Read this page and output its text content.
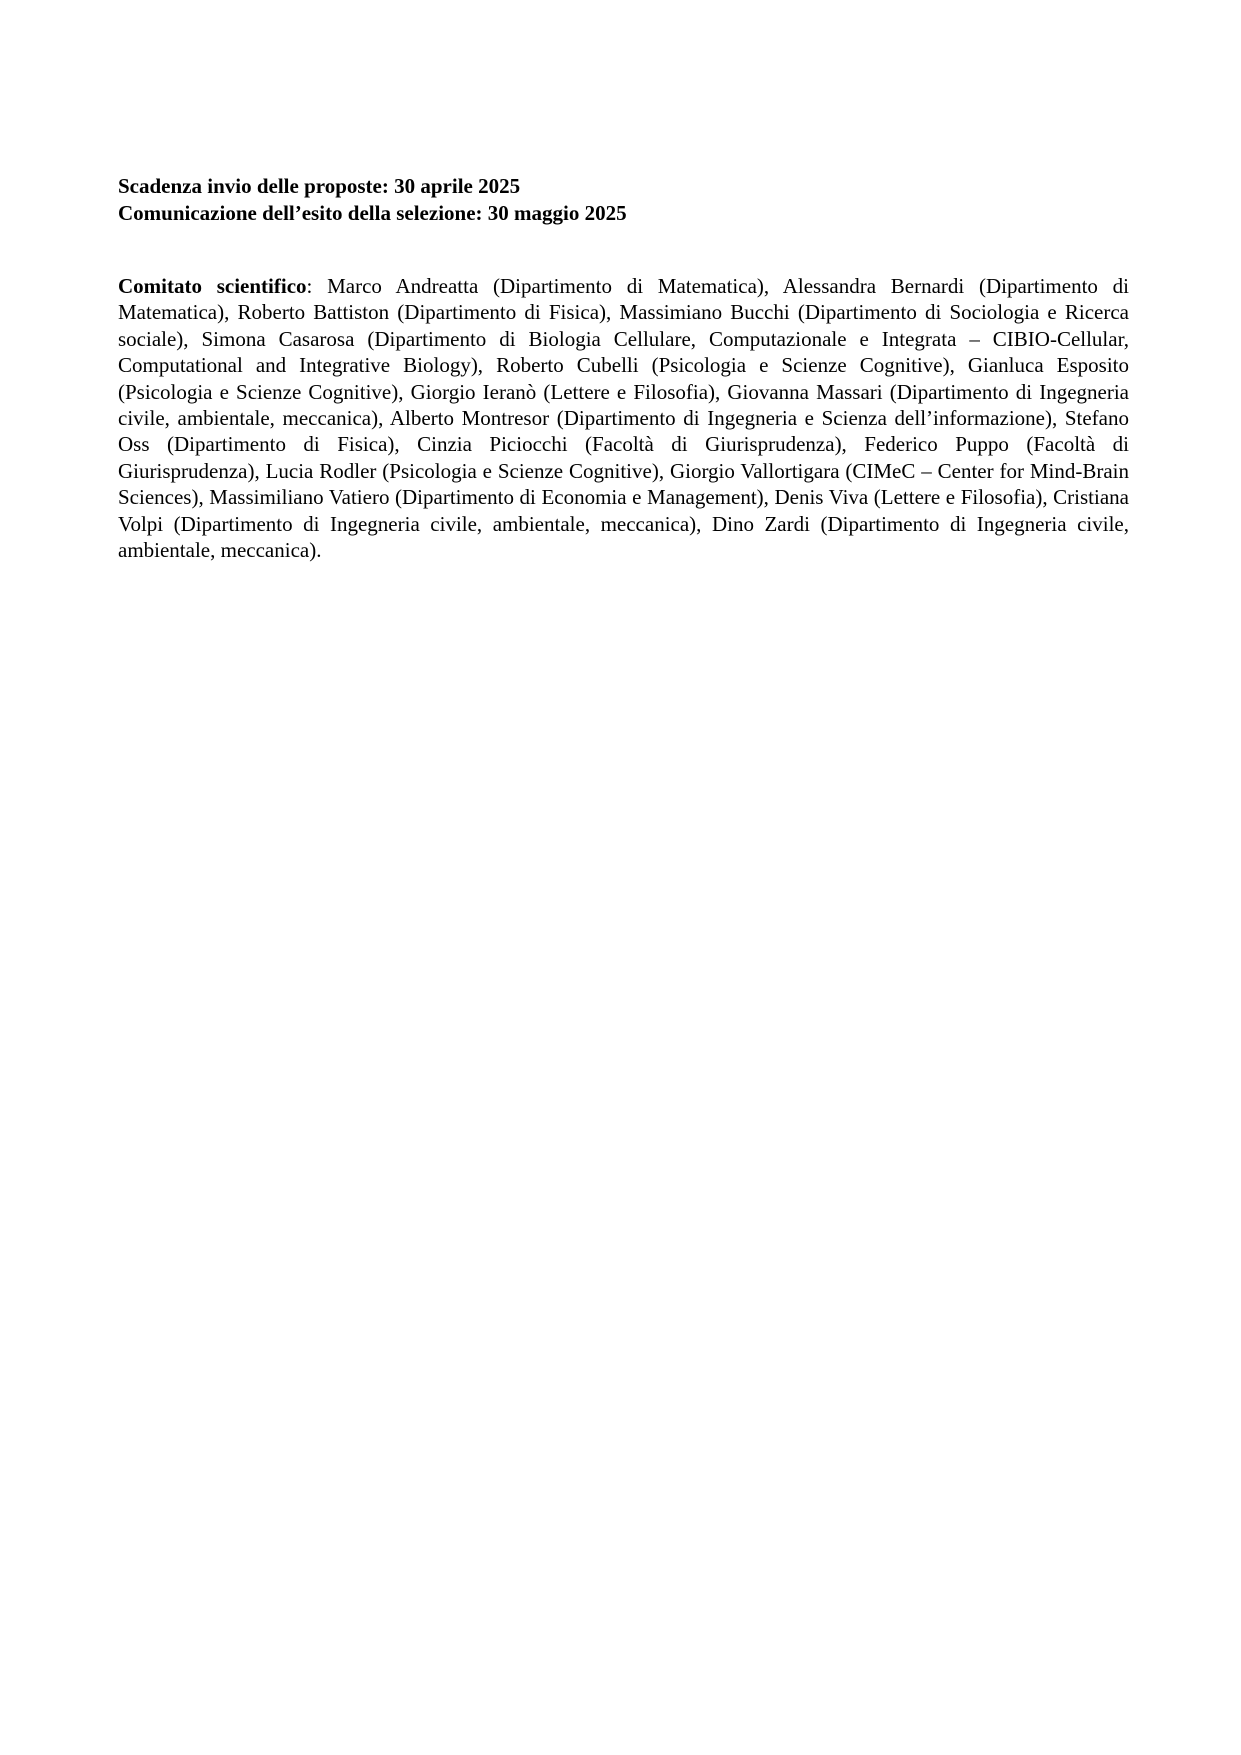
Scadenza invio delle proposte: 30 aprile 2025
Comunicazione dell’esito della selezione: 30 maggio 2025

Comitato scientifico: Marco Andreatta (Dipartimento di Matematica), Alessandra Bernardi (Dipartimento di Matematica), Roberto Battiston (Dipartimento di Fisica), Massimiano Bucchi (Dipartimento di Sociologia e Ricerca sociale), Simona Casarosa (Dipartimento di Biologia Cellulare, Computazionale e Integrata – CIBIO-Cellular, Computational and Integrative Biology), Roberto Cubelli (Psicologia e Scienze Cognitive), Gianluca Esposito (Psicologia e Scienze Cognitive), Giorgio Ieranò (Lettere e Filosofia), Giovanna Massari (Dipartimento di Ingegneria civile, ambientale, meccanica), Alberto Montresor (Dipartimento di Ingegneria e Scienza dell’informazione), Stefano Oss (Dipartimento di Fisica), Cinzia Piciocchi (Facoltà di Giurisprudenza), Federico Puppo (Facoltà di Giurisprudenza), Lucia Rodler (Psicologia e Scienze Cognitive), Giorgio Vallortigara (CIMeC – Center for Mind-Brain Sciences), Massimiliano Vatiero (Dipartimento di Economia e Management), Denis Viva (Lettere e Filosofia), Cristiana Volpi (Dipartimento di Ingegneria civile, ambientale, meccanica), Dino Zardi (Dipartimento di Ingegneria civile, ambientale, meccanica).
